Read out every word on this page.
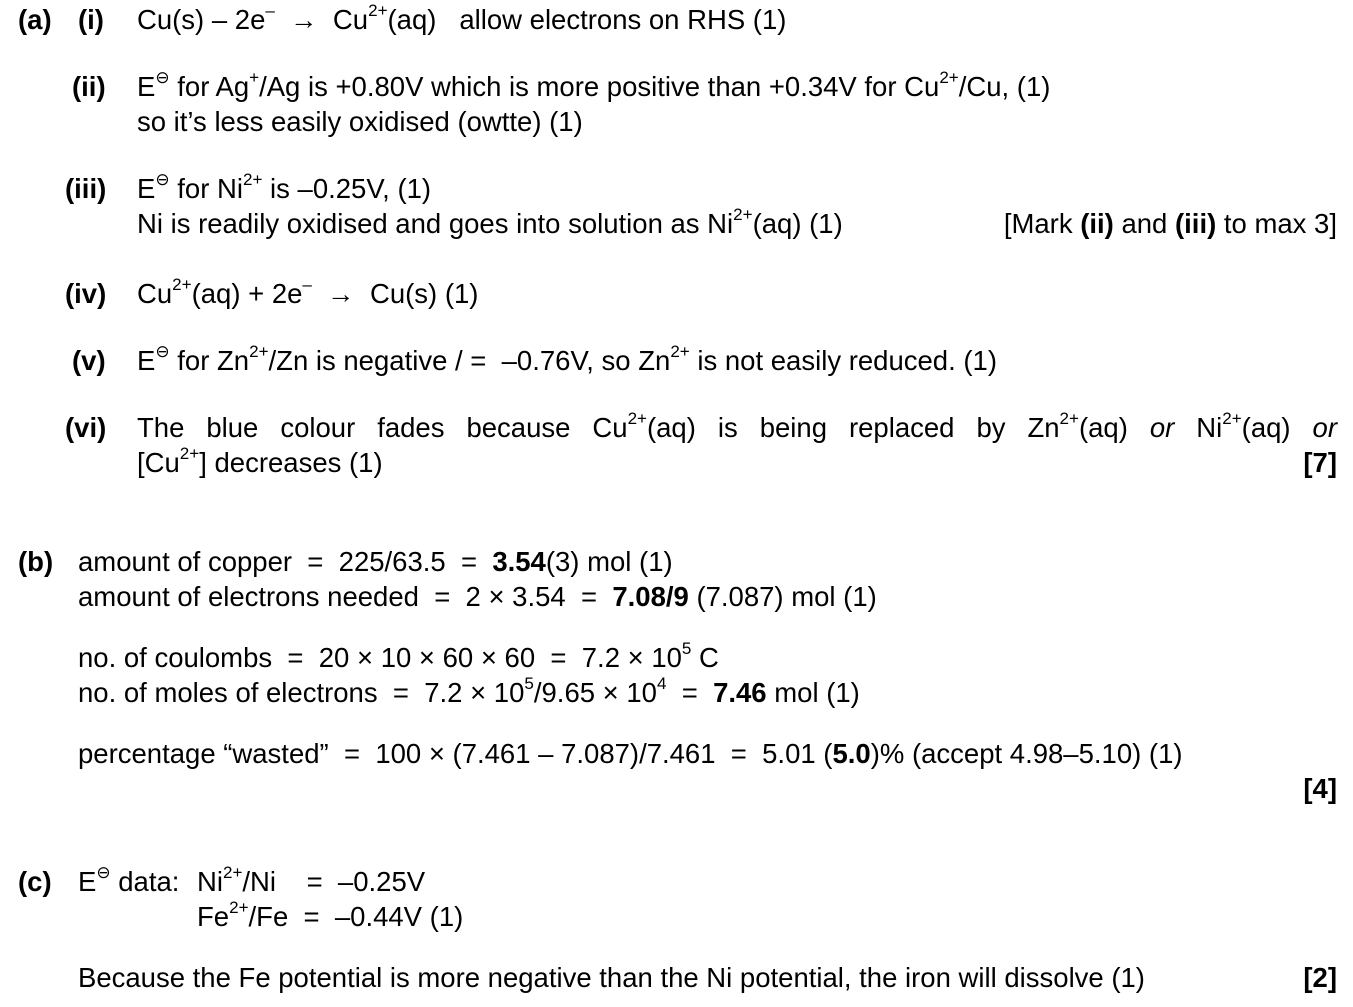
(a) (i) $Cu(s) - 2e^- \to Cu^{2+}(aq)$   allow electrons on RHS (1)
(ii) E⊖ for Ag+/Ag is +0.80V which is more positive than +0.34V for $Cu^{2+}/Cu$, (1)
so it’s less easily oxidised (owtte) (1)
(iii) E⊖ for $Ni^{2+}$ is –0.25V, (1)
Ni is readily oxidised and goes into solution as $Ni^{2+}(aq)$ (1)	[Mark (ii) and (iii) to max 3]
(iv) $Cu^{2+}(aq) + 2e^- \to Cu(s)$ (1)
(v) E⊖ for $Zn^{2+}/Zn$ is negative / =  –0.76V, so $Zn^{2+}$ is not easily reduced. (1)
(vi) The blue colour fades because $Cu^{2+}(aq)$ is being replaced by $Zn^{2+}(aq)$ or $Ni^{2+}(aq)$ or
$[Cu^{2+}]$ decreases (1)	[7]
(b) amount of copper  =  225/63.5  =  3.54(3) mol (1)
amount of electrons needed  =  2 × 3.54  =  7.08/9 (7.087) mol (1)
no. of coulombs  =  $20 \times 10 \times 60 \times 60 = 7.2 \times 10^5$ C
no. of moles of electrons  =  $7.2 \times 10^5/9.65 \times 10^4 = 7.46$ mol (1)
percentage “wasted”  =  100 × (7.461 – 7.087)/7.461  =  5.01 (5.0)% (accept 4.98–5.10) (1)
[4]
(c) E⊖ data: $Ni^{2+}/Ni$    =  –0.25V
$Fe^{2+}/Fe = -0.44V$ (1)
Because the Fe potential is more negative than the Ni potential, the iron will dissolve (1)	[2]
